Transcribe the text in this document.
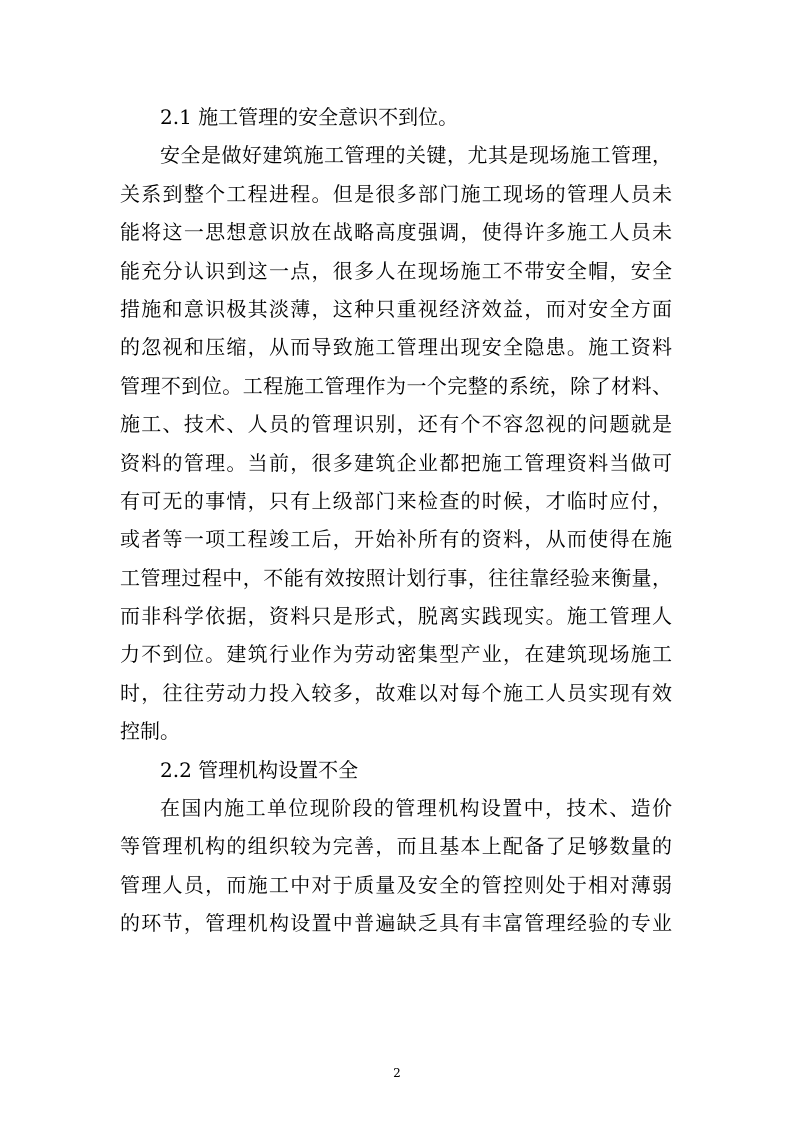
2.1 施工管理的安全意识不到位。
安全是做好建筑施工管理的关键，尤其是现场施工管理，
关系到整个工程进程。但是很多部门施工现场的管理人员未
能将这一思想意识放在战略高度强调，使得许多施工人员未
能充分认识到这一点，很多人在现场施工不带安全帽，安全
措施和意识极其淡薄，这种只重视经济效益，而对安全方面
的忽视和压缩，从而导致施工管理出现安全隐患。施工资料
管理不到位。工程施工管理作为一个完整的系统，除了材料、
施工、技术、人员的管理识别，还有个不容忽视的问题就是
资料的管理。当前，很多建筑企业都把施工管理资料当做可
有可无的事情，只有上级部门来检查的时候，才临时应付，
或者等一项工程竣工后，开始补所有的资料，从而使得在施
工管理过程中，不能有效按照计划行事，往往靠经验来衡量，
而非科学依据，资料只是形式，脱离实践现实。施工管理人
力不到位。建筑行业作为劳动密集型产业，在建筑现场施工
时，往往劳动力投入较多，故难以对每个施工人员实现有效
控制。
2.2 管理机构设置不全
在国内施工单位现阶段的管理机构设置中，技术、造价
等管理机构的组织较为完善，而且基本上配备了足够数量的
管理人员，而施工中对于质量及安全的管控则处于相对薄弱
的环节，管理机构设置中普遍缺乏具有丰富管理经验的专业
2
